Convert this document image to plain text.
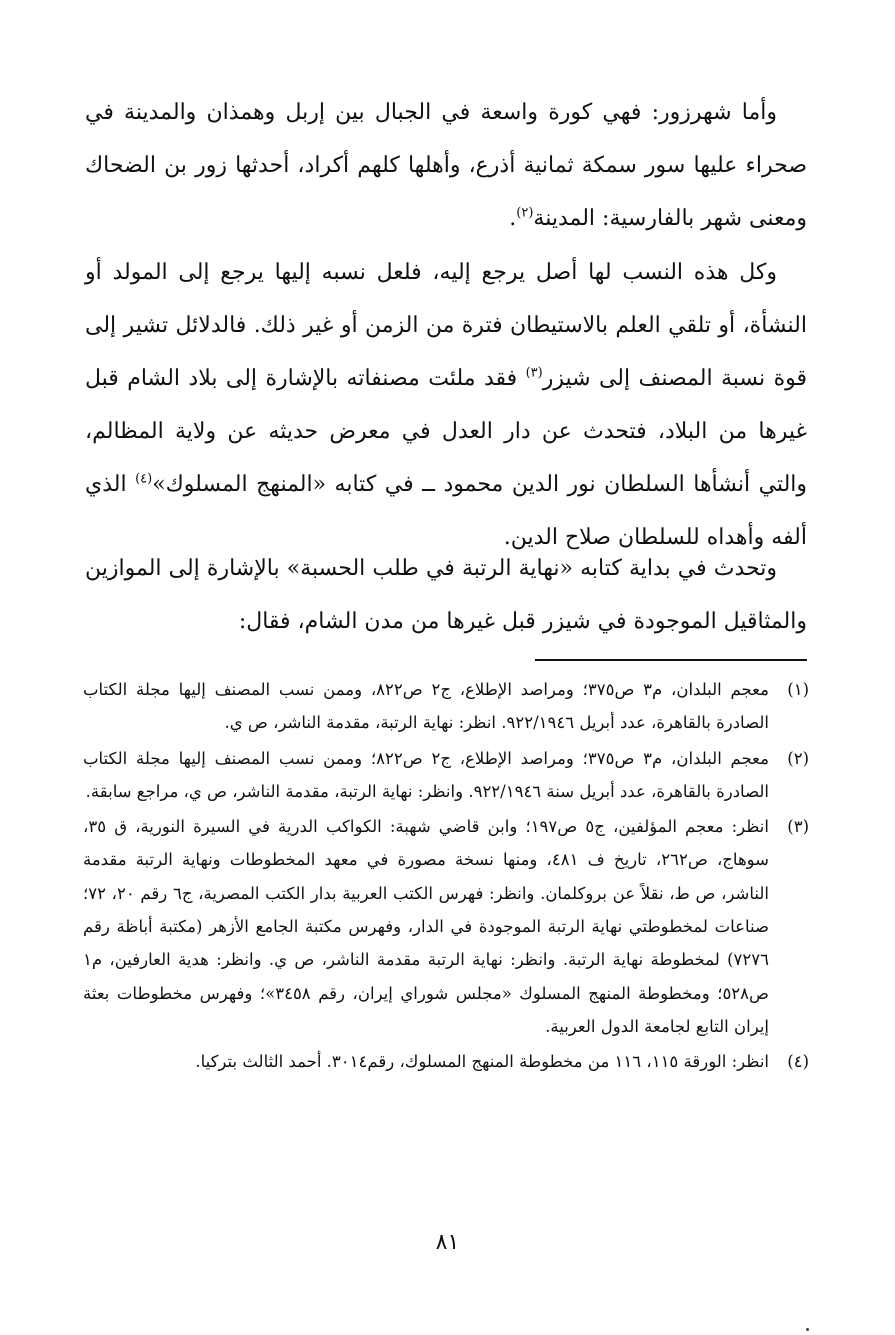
وأما شهرزور: فهي كورة واسعة في الجبال بين إربل وهمذان والمدينة في صحراء عليها سور سمكة ثمانية أذرع، وأهلها كلهم أكراد، أحدثها زور بن الضحاك ومعنى شهر بالفارسية: المدينة$^{(٢)}$.

وكل هذه النسب لها أصل يرجع إليه، فلعل نسبه إليها يرجع إلى المولد أو النشأة، أو تلقي العلم بالاستيطان فترة من الزمن أو غير ذلك. فالدلائل تشير إلى قوة نسبة المصنف إلى شيزر$^{(٣)}$ فقد ملئت مصنفاته بالإشارة إلى بلاد الشام قبل غيرها من البلاد، فتحدث عن دار العدل في معرض حديثه عن ولاية المظالم، والتي أنشأها السلطان نور الدين محمود ــ في كتابه «المنهج المسلوك»$^{(٤)}$ الذي ألفه وأهداه للسلطان صلاح الدين.

وتحدث في بداية كتابه «نهاية الرتبة في طلب الحسبة» بالإشارة إلى الموازين والمثاقيل الموجودة في شيزر قبل غيرها من مدن الشام، فقال:

(١)
معجم البلدان، م٣ ص٣٧٥؛ ومراصد الإطلاع، ج٢ ص٨٢٢، وممن نسب المصنف إليها مجلة الكتاب الصادرة بالقاهرة، عدد أبريل ٩٢٢/١٩٤٦. انظر: نهاية الرتبة، مقدمة الناشر، ص ي.
(٢)
معجم البلدان، م٣ ص٣٧٥؛ ومراصد الإطلاع، ج٢ ص٨٢٢؛ وممن نسب المصنف إليها مجلة الكتاب الصادرة بالقاهرة، عدد أبريل سنة ٩٢٢/١٩٤٦. وانظر: نهاية الرتبة، مقدمة الناشر، ص ي، مراجع سابقة.
(٣)
انظر: معجم المؤلفين، ج٥ ص١٩٧؛ وابن قاضي شهبة: الكواكب الدرية في السيرة النورية، ق ٣٥، سوهاج، ص٢٦٢، تاريخ ف ٤٨١، ومنها نسخة مصورة في معهد المخطوطات ونهاية الرتبة مقدمة الناشر، ص ط، نقلاً عن بروكلمان. وانظر: فهرس الكتب العربية بدار الكتب المصرية، ج٦ رقم ٢٠، ٧٢؛ صناعات لمخطوطتي نهاية الرتبة الموجودة في الدار، وفهرس مكتبة الجامع الأزهر (مكتبة أباظة رقم ٧٢٧٦) لمخطوطة نهاية الرتبة. وانظر: نهاية الرتبة مقدمة الناشر، ص ي. وانظر: هدية العارفين، م١ ص٥٢٨؛ ومخطوطة المنهج المسلوك «مجلس شوراي إيران، رقم ٣٤٥٨»؛ وفهرس مخطوطات بعثة إيران التابع لجامعة الدول العربية.
(٤)
انظر: الورقة ١١٥، ١١٦ من مخطوطة المنهج المسلوك، رقم٣٠١٤. أحمد الثالث بتركيا.
٨١
